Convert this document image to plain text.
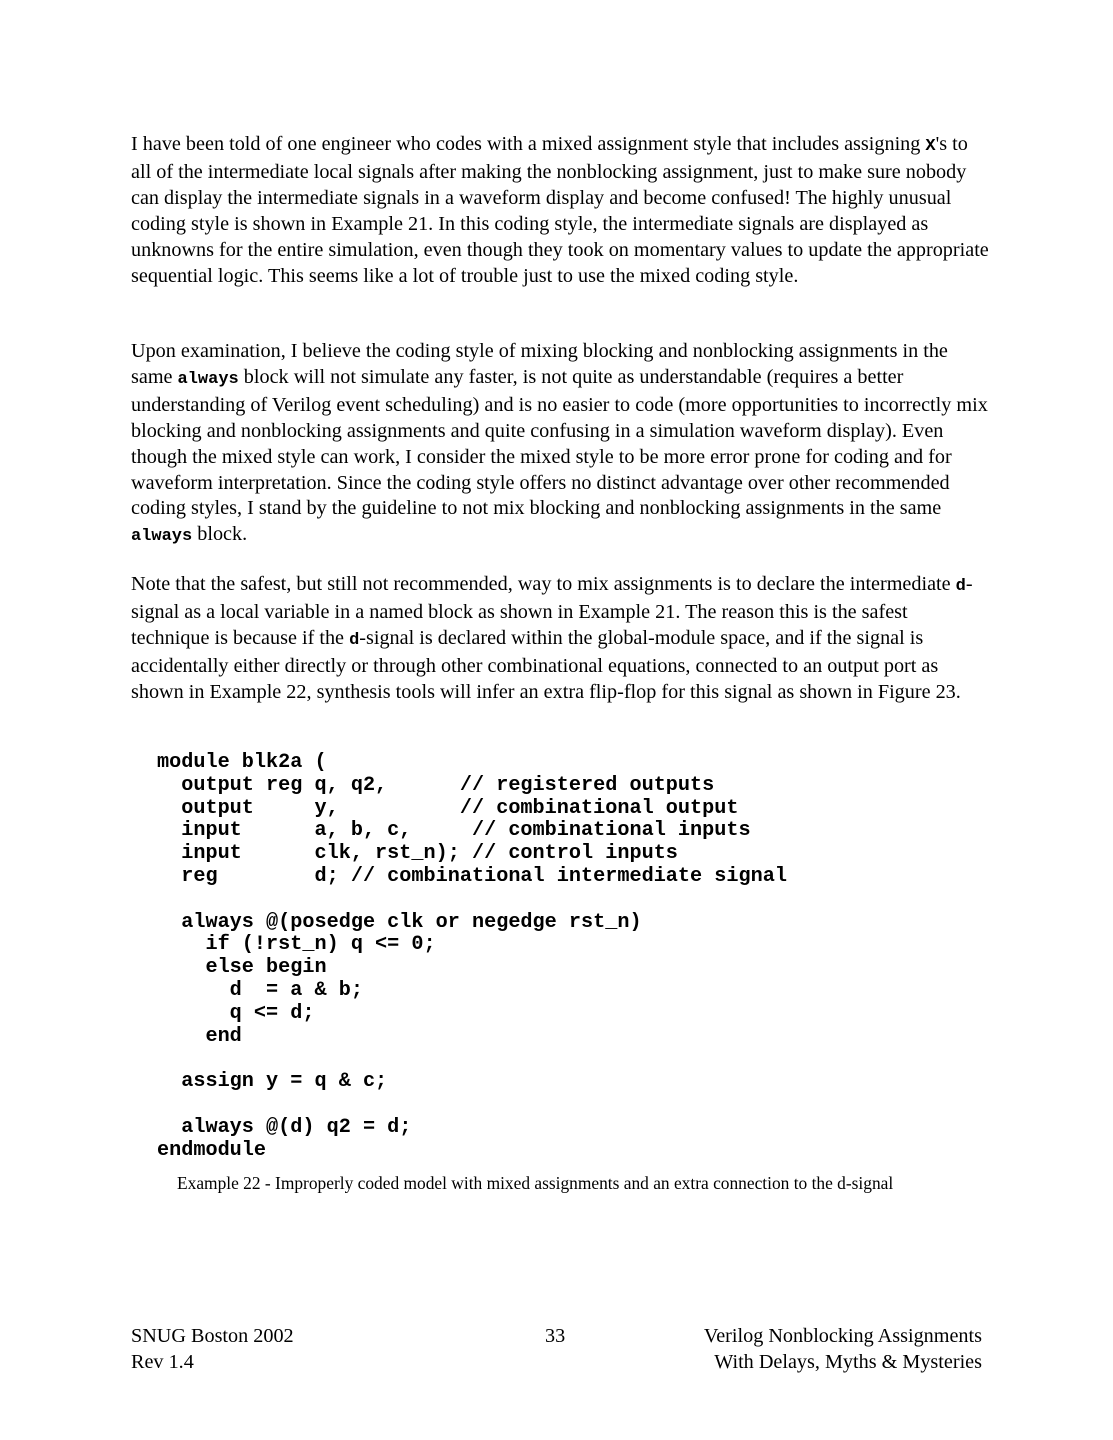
I have been told of one engineer who codes with a mixed assignment style that includes assigning X's to all of the intermediate local signals after making the nonblocking assignment, just to make sure nobody can display the intermediate signals in a waveform display and become confused! The highly unusual coding style is shown in Example 21. In this coding style, the intermediate signals are displayed as unknowns for the entire simulation, even though they took on momentary values to update the appropriate sequential logic. This seems like a lot of trouble just to use the mixed coding style.

Upon examination, I believe the coding style of mixing blocking and nonblocking assignments in the same always block will not simulate any faster, is not quite as understandable (requires a better understanding of Verilog event scheduling) and is no easier to code (more opportunities to incorrectly mix blocking and nonblocking assignments and quite confusing in a simulation waveform display). Even though the mixed style can work, I consider the mixed style to be more error prone for coding and for waveform interpretation. Since the coding style offers no distinct advantage over other recommended coding styles, I stand by the guideline to not mix blocking and nonblocking assignments in the same always block.

Note that the safest, but still not recommended, way to mix assignments is to declare the intermediate d-signal as a local variable in a named block as shown in Example 21. The reason this is the safest technique is because if the d-signal is declared within the global-module space, and if the signal is accidentally either directly or through other combinational equations, connected to an output port as shown in Example 22, synthesis tools will infer an extra flip-flop for this signal as shown in Figure 23.

module blk2a (
output reg q, q2,      // registered outputs
output     y,          // combinational output
input      a, b, c,     // combinational inputs
input      clk, rst_n); // control inputs
reg        d; // combinational intermediate signal

always @(posedge clk or negedge rst_n)
if (!rst_n) q <= 0;
else begin
d  = a & b;
q <= d;
end

assign y = q & c;

always @(d) q2 = d;
endmodule
Example 22 - Improperly coded model with mixed assignments and an extra connection to the d-signal
SNUG Boston 2002
Rev 1.4
33	Verilog Nonblocking Assignments
With Delays, Myths & Mysteries
